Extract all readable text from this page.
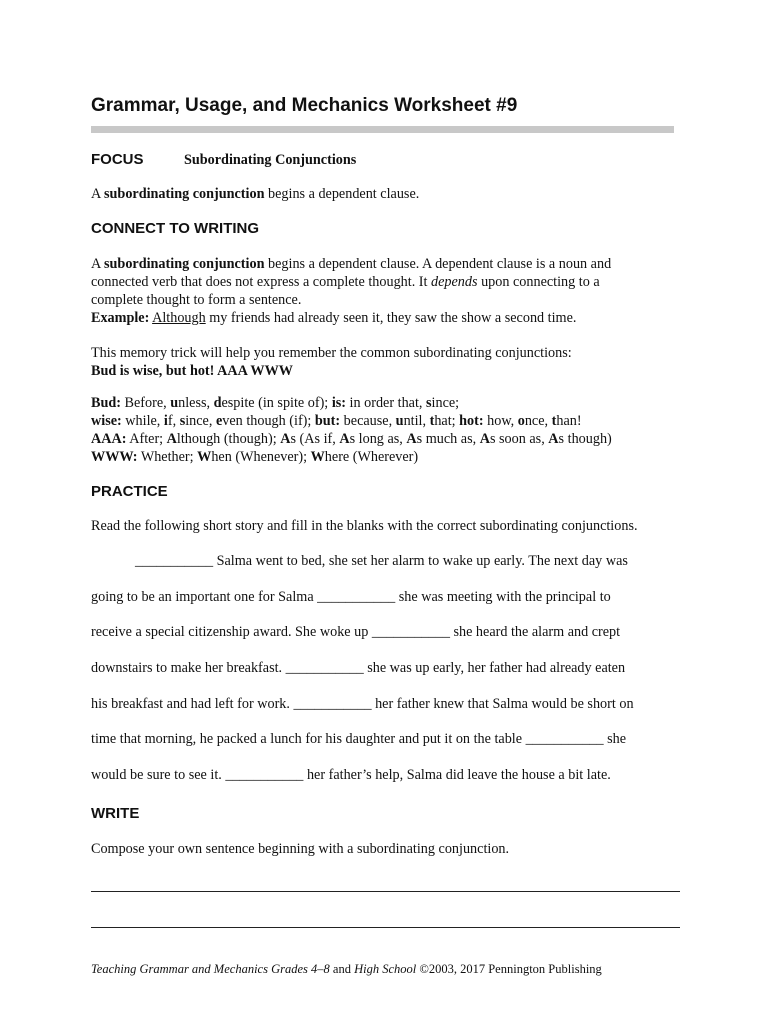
Grammar, Usage, and Mechanics Worksheet #9
FOCUS	Subordinating Conjunctions
A subordinating conjunction begins a dependent clause.
CONNECT TO WRITING
A subordinating conjunction begins a dependent clause. A dependent clause is a noun and
connected verb that does not express a complete thought. It depends upon connecting to a
complete thought to form a sentence.
Example: Although my friends had already seen it, they saw the show a second time.
This memory trick will help you remember the common subordinating conjunctions:
Bud is wise, but hot! AAA WWW
Bud: Before, unless, despite (in spite of); is: in order that, since;
wise: while, if, since, even though (if); but: because, until, that; hot: how, once, than!
AAA: After; Although (though); As (As if, As long as, As much as, As soon as, As though)
WWW: Whether; When (Whenever); Where (Wherever)
PRACTICE
Read the following short story and fill in the blanks with the correct subordinating conjunctions.
___________ Salma went to bed, she set her alarm to wake up early. The next day was
going to be an important one for Salma ___________ she was meeting with the principal to
receive a special citizenship award. She woke up ___________ she heard the alarm and crept
downstairs to make her breakfast. ___________ she was up early, her father had already eaten
his breakfast and had left for work. ___________ her father knew that Salma would be short on
time that morning, he packed a lunch for his daughter and put it on the table ___________ she
would be sure to see it. ___________ her father’s help, Salma did leave the house a bit late.
WRITE
Compose your own sentence beginning with a subordinating conjunction.
Teaching Grammar and Mechanics Grades 4–8 and High School ©2003, 2017 Pennington Publishing
